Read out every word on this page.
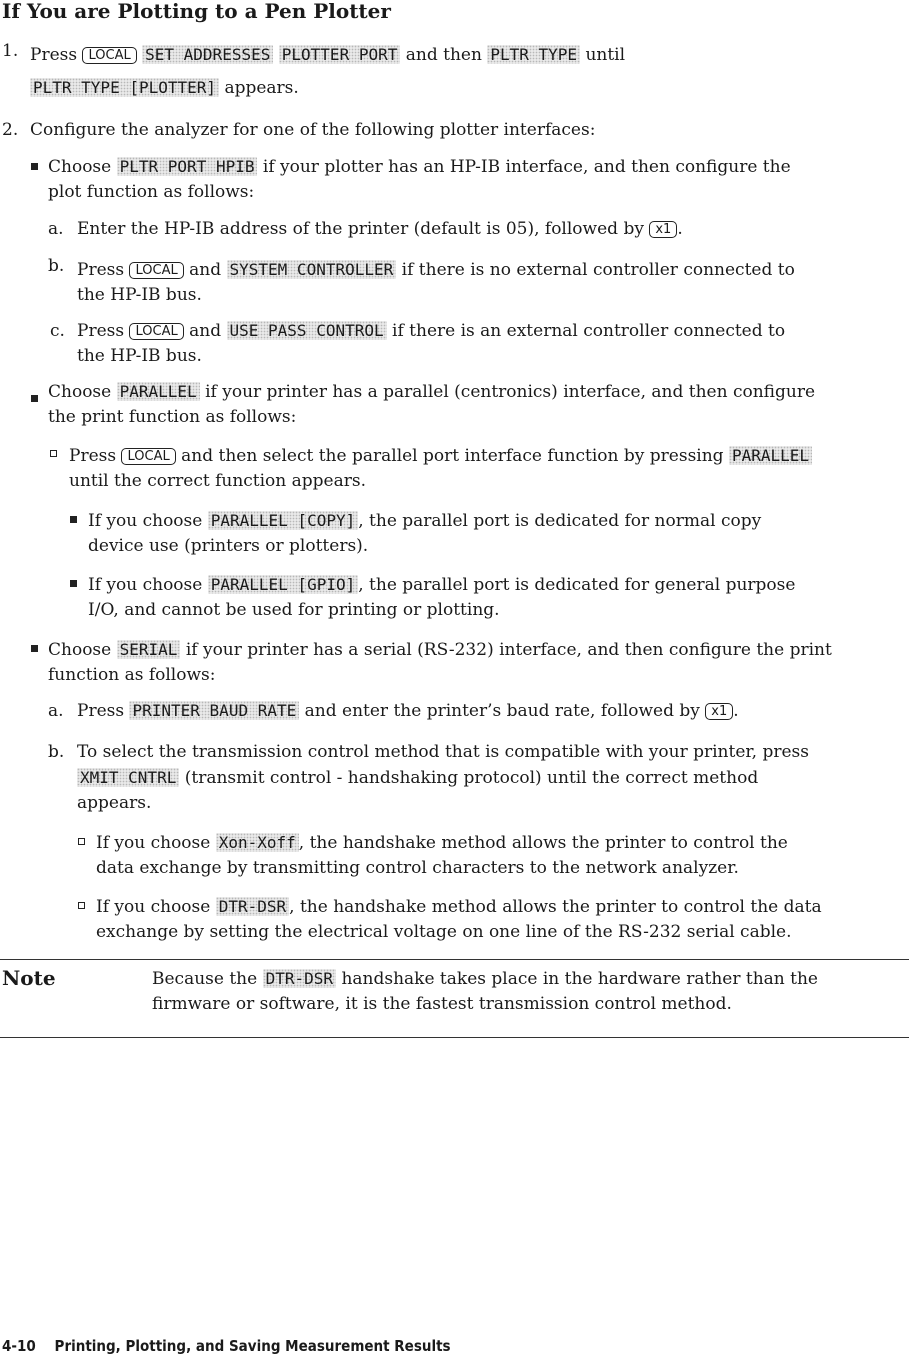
If You are Plotting to a Pen Plotter
1. Press LOCAL SET ADDRESSES PLOTTER PORT and then PLTR TYPE until
PLTR TYPE [PLOTTER] appears.
2. Configure the analyzer for one of the following plotter interfaces:
Choose PLTR PORT HPIB if your plotter has an HP-IB interface, and then configure the
plot function as follows:
a. Enter the HP-IB address of the printer (default is 05), followed by x1 .
b. Press LOCAL and SYSTEM CONTROLLER if there is no external controller connected to
the HP-IB bus.
c. Press LOCAL and USE PASS CONTROL if there is an external controller connected to
the HP-IB bus.
Choose PARALLEL if your printer has a parallel (centronics) interface, and then configure
the print function as follows:
Press LOCAL and then select the parallel port interface function by pressing PARALLEL
until the correct function appears.
If you choose PARALLEL [COPY] , the parallel port is dedicated for normal copy
device use (printers or plotters).
If you choose PARALLEL [GPIO] , the parallel port is dedicated for general purpose
I/O, and cannot be used for printing or plotting.
Choose SERIAL if your printer has a serial (RS-232) interface, and then configure the print
function as follows:
a. Press PRINTER BAUD RATE and enter the printer’s baud rate, followed by x1 .
b. To select the transmission control method that is compatible with your printer, press
XMIT CNTRL (transmit control - handshaking protocol) until the correct method
appears.
If you choose Xon-Xoff , the handshake method allows the printer to control the
data exchange by transmitting control characters to the network analyzer.
If you choose DTR-DSR , the handshake method allows the printer to control the data
exchange by setting the electrical voltage on one line of the RS-232 serial cable.
Note	Because the DTR-DSR handshake takes place in the hardware rather than the
firmware or software, it is the fastest transmission control method.
4-10    Printing, Plotting, and Saving Measurement Results
